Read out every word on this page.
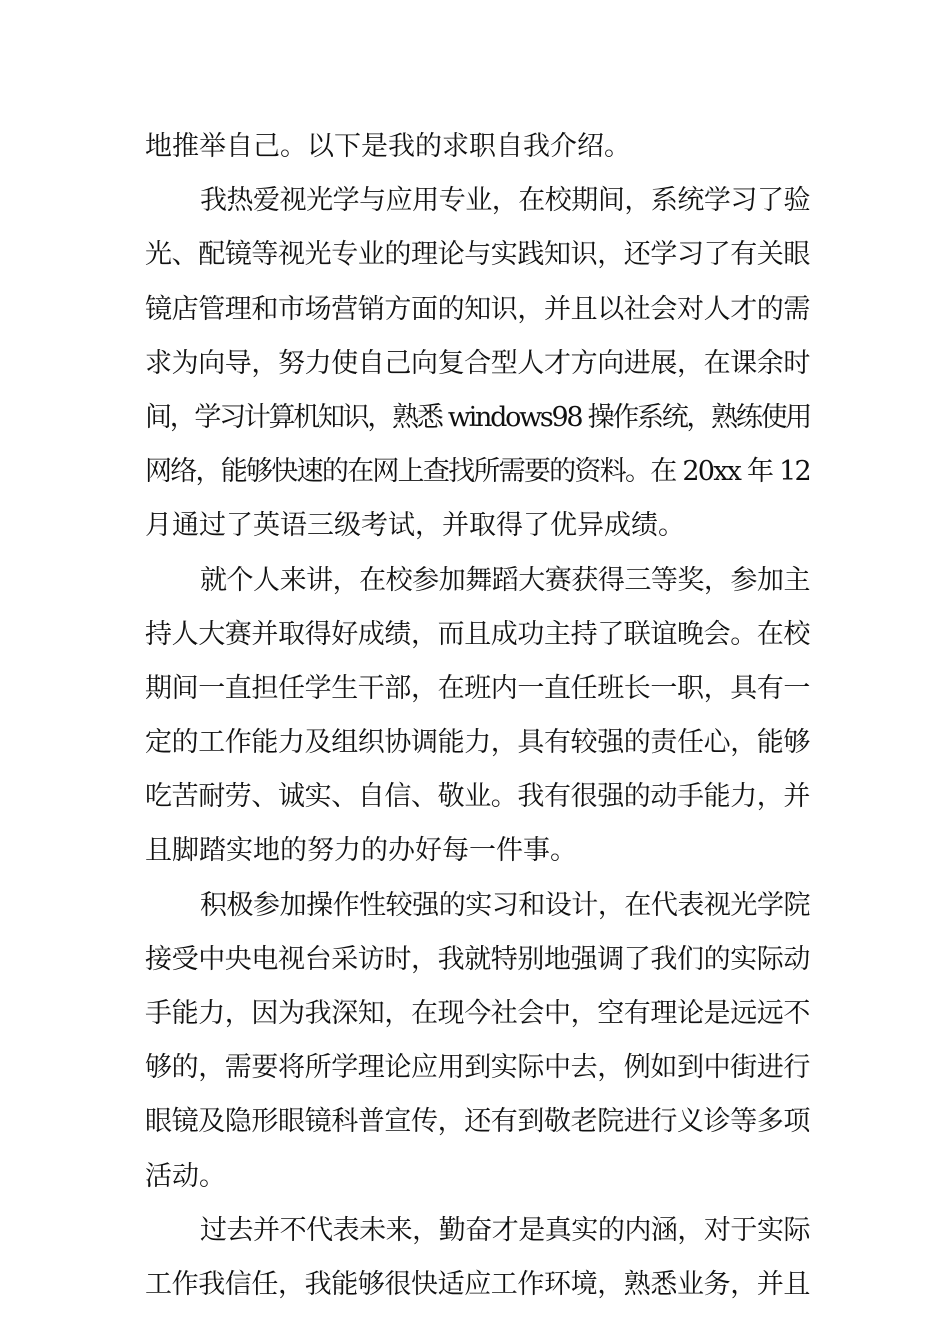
地推举自己。以下是我的求职自我介绍。
我热爱视光学与应用专业，在校期间，系统学习了验
光、配镜等视光专业的理论与实践知识，还学习了有关眼
镜店管理和市场营销方面的知识，并且以社会对人才的需
求为向导，努力使自己向复合型人才方向进展，在课余时
间，学习计算机知识，熟悉 windows98 操作系统，熟练使用
网络，能够快速的在网上查找所需要的资料。在 20xx 年 12
月通过了英语三级考试，并取得了优异成绩。
就个人来讲，在校参加舞蹈大赛获得三等奖，参加主
持人大赛并取得好成绩，而且成功主持了联谊晚会。在校
期间一直担任学生干部，在班内一直任班长一职，具有一
定的工作能力及组织协调能力，具有较强的责任心，能够
吃苦耐劳、诚实、自信、敬业。我有很强的动手能力，并
且脚踏实地的努力的办好每一件事。
积极参加操作性较强的实习和设计，在代表视光学院
接受中央电视台采访时，我就特别地强调了我们的实际动
手能力，因为我深知，在现今社会中，空有理论是远远不
够的，需要将所学理论应用到实际中去，例如到中街进行
眼镜及隐形眼镜科普宣传，还有到敬老院进行义诊等多项
活动。
过去并不代表未来，勤奋才是真实的内涵，对于实际
工作我信任，我能够很快适应工作环境，熟悉业务，并且
